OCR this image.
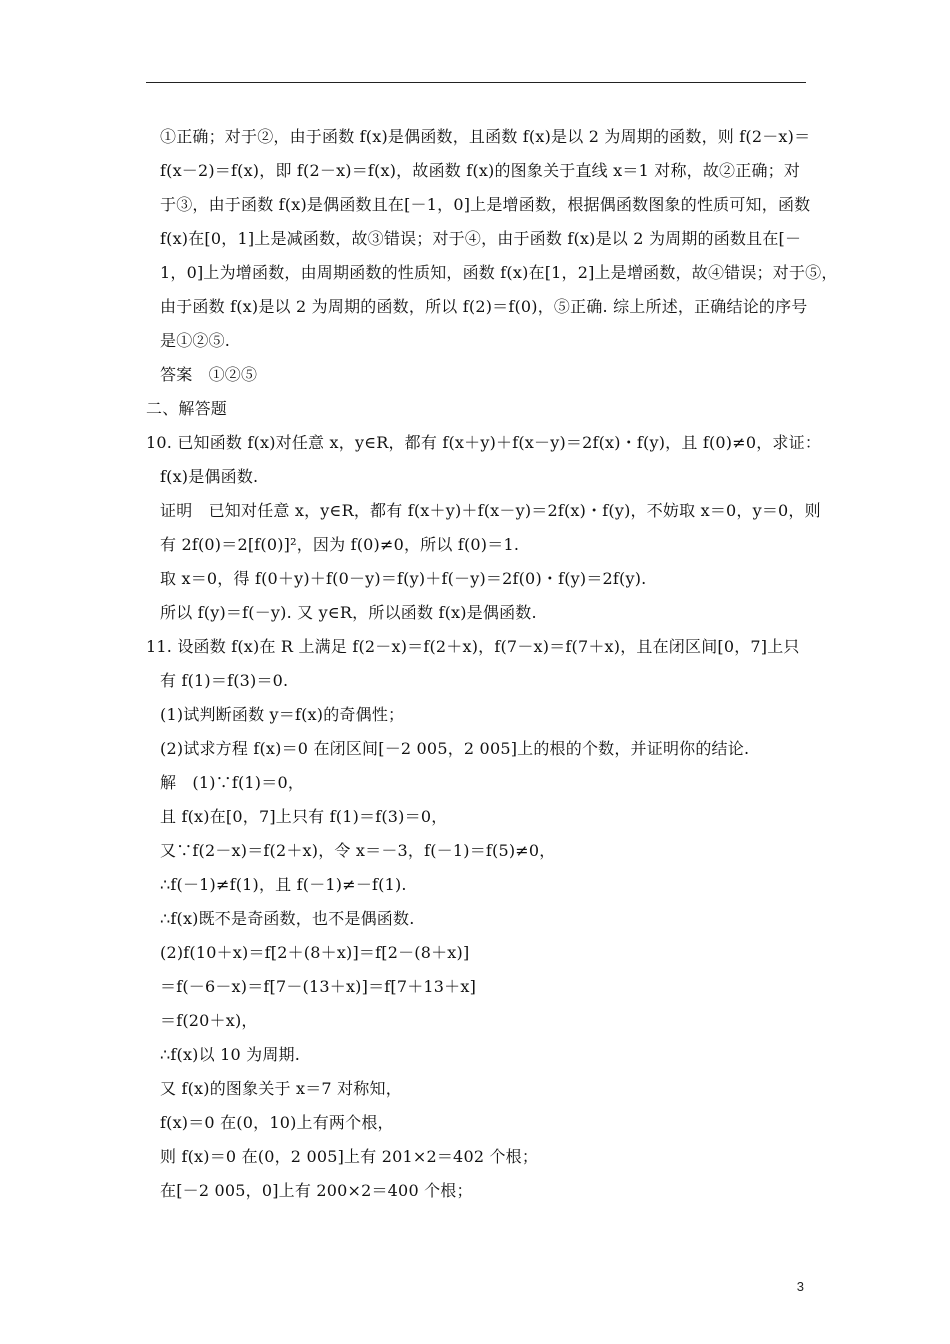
①正确；对于②，由于函数 f(x)是偶函数，且函数 f(x)是以 2 为周期的函数，则 f(2－x)＝
f(x－2)＝f(x)，即 f(2－x)＝f(x)，故函数 f(x)的图象关于直线 x＝1 对称，故②正确；对
于③，由于函数 f(x)是偶函数且在[－1，0]上是增函数，根据偶函数图象的性质可知，函数
f(x)在[0，1]上是减函数，故③错误；对于④，由于函数 f(x)是以 2 为周期的函数且在[－
1，0]上为增函数，由周期函数的性质知，函数 f(x)在[1，2]上是增函数，故④错误；对于⑤，
由于函数 f(x)是以 2 为周期的函数，所以 f(2)＝f(0)，⑤正确. 综上所述，正确结论的序号
是①②⑤.
答案　①②⑤
二、解答题
10. 已知函数 f(x)对任意 x，y∈R，都有 f(x＋y)＋f(x－y)＝2f(x)・f(y)，且 f(0)≠0，求证：
f(x)是偶函数.
证明　已知对任意 x，y∈R，都有 f(x＋y)＋f(x－y)＝2f(x)・f(y)，不妨取 x＝0，y＝0，则
有 2f(0)＝2[f(0)]²，因为 f(0)≠0，所以 f(0)＝1.
取 x＝0，得 f(0＋y)＋f(0－y)＝f(y)＋f(－y)＝2f(0)・f(y)＝2f(y).
所以 f(y)＝f(－y). 又 y∈R，所以函数 f(x)是偶函数.
11. 设函数 f(x)在 R 上满足 f(2－x)＝f(2＋x)，f(7－x)＝f(7＋x)，且在闭区间[0，7]上只
有 f(1)＝f(3)＝0.
(1)试判断函数 y＝f(x)的奇偶性；
(2)试求方程 f(x)＝0 在闭区间[－2 005，2 005]上的根的个数，并证明你的结论.
解　(1)∵f(1)＝0，
且 f(x)在[0，7]上只有 f(1)＝f(3)＝0，
又∵f(2－x)＝f(2＋x)，令 x＝－3，f(－1)＝f(5)≠0，
∴f(－1)≠f(1)，且 f(－1)≠－f(1).
∴f(x)既不是奇函数，也不是偶函数.
(2)f(10＋x)＝f[2＋(8＋x)]＝f[2－(8＋x)]
＝f(－6－x)＝f[7－(13＋x)]＝f[7＋13＋x]
＝f(20＋x)，
∴f(x)以 10 为周期.
又 f(x)的图象关于 x＝7 对称知，
f(x)＝0 在(0，10)上有两个根，
则 f(x)＝0 在(0，2 005]上有 201×2＝402 个根；
在[－2 005，0]上有 200×2＝400 个根；
3
